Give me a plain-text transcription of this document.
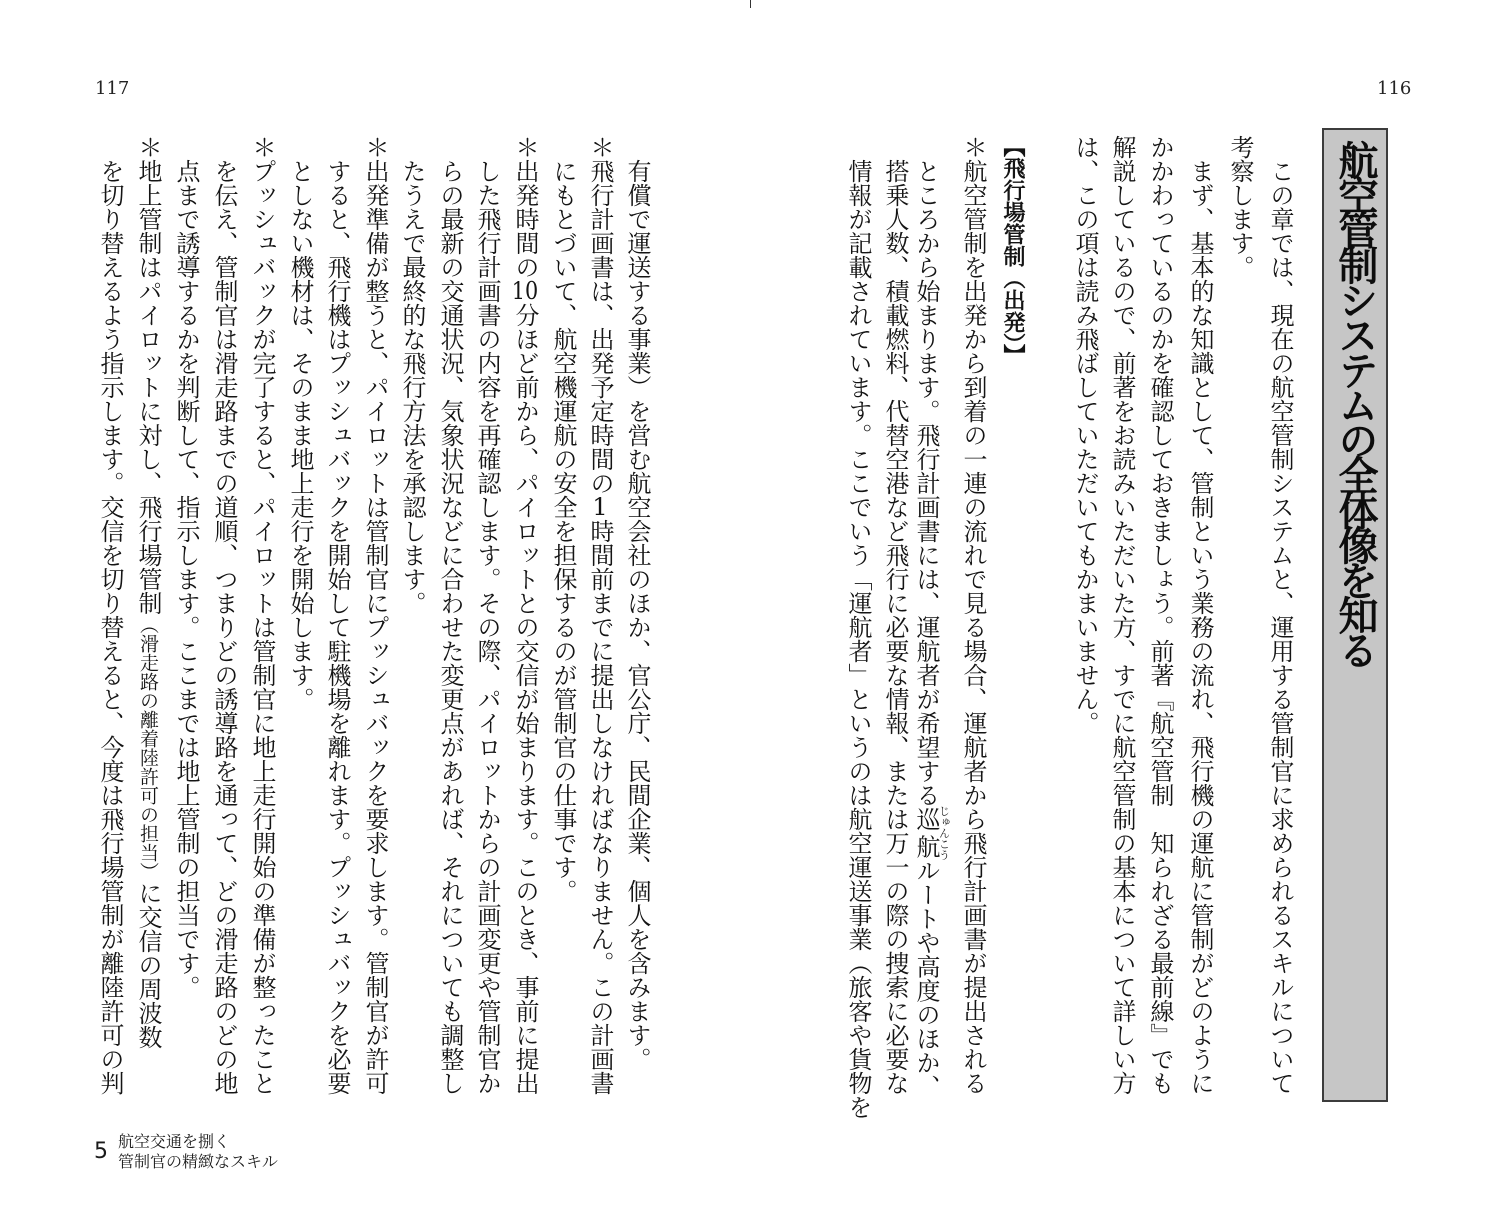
117	116
航空管制システムの全体像を知る
この章では、現在の航空管制システムと、運用する管制官に求められるスキルについて
考察します。
まず、基本的な知識として、管制という業務の流れ、飛行機の運航に管制がどのように
かかわっているのかを確認しておきましょう。前著『航空管制　知られざる最前線』でも
解説しているので、前著をお読みいただいた方、すでに航空管制の基本について詳しい方
は、この項は読み飛ばしていただいてもかまいません。
【飛行場管制（出発）】
＊航空管制を出発から到着の一連の流れで見る場合、運航者から飛行計画書が提出される
ところから始まります。飛行計画書には、運航者が希望する巡航じゅんこうルートや高度のほか、
搭乗人数、積載燃料、代替空港など飛行に必要な情報、または万一の際の捜索に必要な
情報が記載されています。ここでいう「運航者」というのは航空運送事業（旅客や貨物を
有償で運送する事業）を営む航空会社のほか、官公庁、民間企業、個人を含みます。
＊飛行計画書は、出発予定時間の1時間前までに提出しなければなりません。この計画書
にもとづいて、航空機運航の安全を担保するのが管制官の仕事です。
＊出発時間の10分ほど前から、パイロットとの交信が始まります。このとき、事前に提出
した飛行計画書の内容を再確認します。その際、パイロットからの計画変更や管制官か
らの最新の交通状況、気象状況などに合わせた変更点があれば、それについても調整し
たうえで最終的な飛行方法を承認します。
＊出発準備が整うと、パイロットは管制官にプッシュバックを要求します。管制官が許可
すると、飛行機はプッシュバックを開始して駐機場を離れます。プッシュバックを必要
としない機材は、そのまま地上走行を開始します。
＊プッシュバックが完了すると、パイロットは管制官に地上走行開始の準備が整ったこと
を伝え、管制官は滑走路までの道順、つまりどの誘導路を通って、どの滑走路のどの地
点まで誘導するかを判断して、指示します。ここまでは地上管制の担当です。
＊地上管制はパイロットに対し、飛行場管制（滑走路の離着陸許可の担当）に交信の周波数
を切り替えるよう指示します。交信を切り替えると、今度は飛行場管制が離陸許可の判
5 航空交通を捌く
管制官の精緻なスキル
